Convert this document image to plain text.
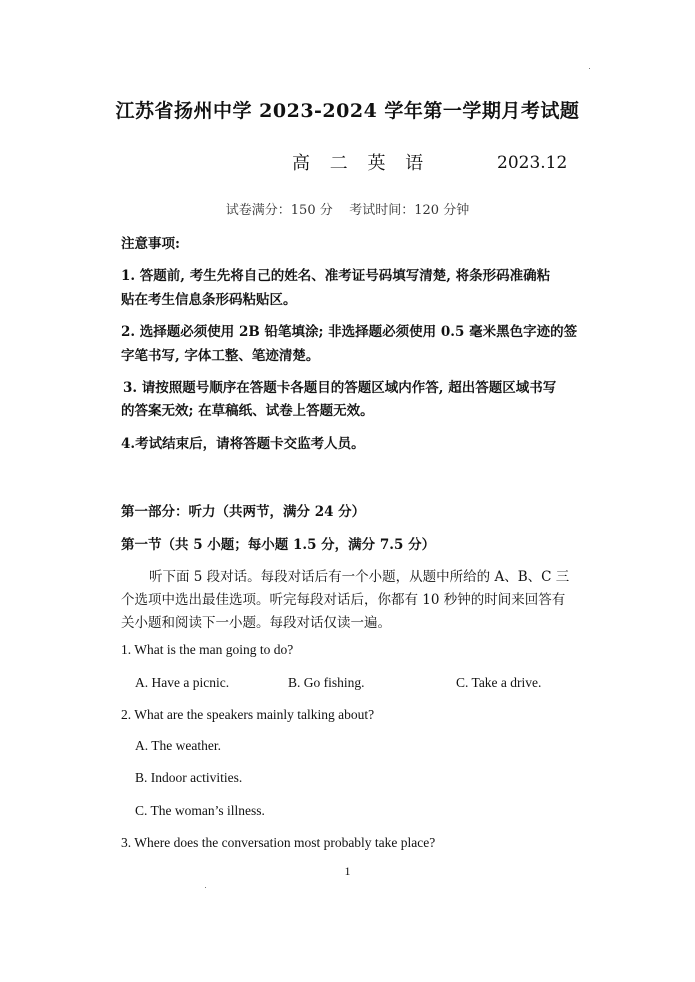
江苏省扬州中学 2023-2024 学年第一学期月考试题
高 二 英 语	2023.12
试卷满分：150 分    考试时间：120 分钟
注意事项:
1. 答题前, 考生先将自己的姓名、准考证号码填写清楚, 将条形码准确粘
贴在考生信息条形码粘贴区。
2. 选择题必须使用 2B 铅笔填涂; 非选择题必须使用 0.5 毫米黑色字迹的签
字笔书写, 字体工整、笔迹清楚。
3. 请按照题号顺序在答题卡各题目的答题区域内作答, 超出答题区域书写
的答案无效; 在草稿纸、试卷上答题无效。
4.考试结束后，请将答题卡交监考人员。
第一部分：听力（共两节，满分 24 分）
第一节（共 5 小题；每小题 1.5 分，满分 7.5 分）
听下面 5 段对话。每段对话后有一个小题，从题中所给的 A、B、C 三
个选项中选出最佳选项。听完每段对话后，你都有 10 秒钟的时间来回答有
关小题和阅读下一小题。每段对话仅读一遍。
1. What is the man going to do?
A. Have a picnic.	B. Go fishing.	C. Take a drive.
2. What are the speakers mainly talking about?
A. The weather.
B. Indoor activities.
C. The woman’s illness.
3. Where does the conversation most probably take place?
1
